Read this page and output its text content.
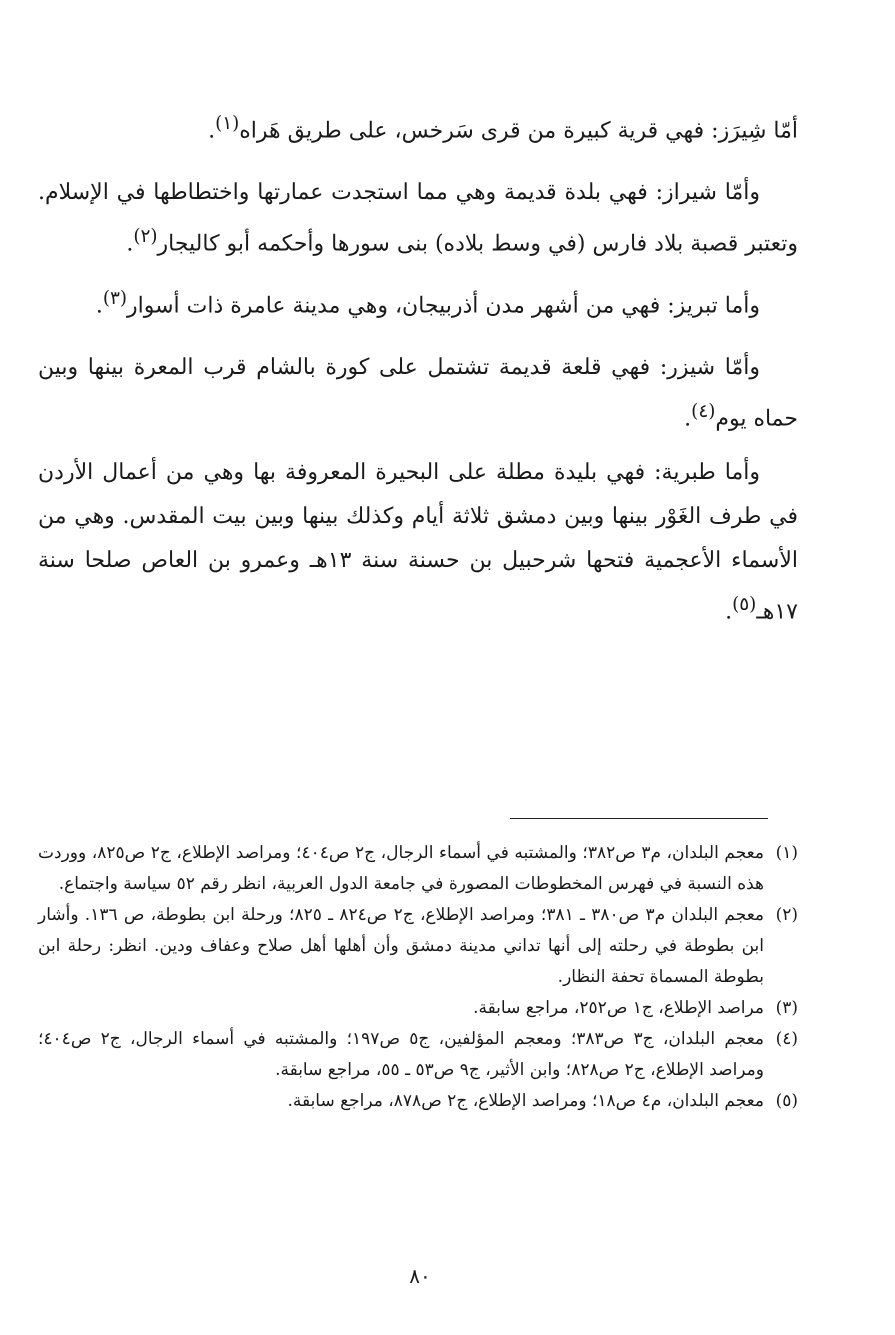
أمّا شِيرَز: فهي قرية كبيرة من قرى سَرخس، على طريق هَراه$^{(١)}$.

وأمّا شيراز: فهي بلدة قديمة وهي مما استجدت عمارتها واختطاطها في الإسلام. وتعتبر قصبة بلاد فارس (في وسط بلاده) بنى سورها وأحكمه أبو كاليجار$^{(٢)}$.

وأما تبريز: فهي من أشهر مدن أذربيجان، وهي مدينة عامرة ذات أسوار$^{(٣)}$.

وأمّا شيزر: فهي قلعة قديمة تشتمل على كورة بالشام قرب المعرة بينها وبين حماه يوم$^{(٤)}$.

وأما طبرية: فهي بليدة مطلة على البحيرة المعروفة بها وهي من أعمال الأردن في طرف الغَوْر بينها وبين دمشق ثلاثة أيام وكذلك بينها وبين بيت المقدس. وهي من الأسماء الأعجمية فتحها شرحبيل بن حسنة سنة ١٣هـ وعمرو بن العاص صلحا سنة ١٧هـ$^{(٥)}$.

(١)
معجم البلدان، م٣ ص٣٨٢؛ والمشتبه في أسماء الرجال، ج٢ ص٤٠٤؛ ومراصد الإطلاع، ج٢ ص٨٢٥، ووردت هذه النسبة في فهرس المخطوطات المصورة في جامعة الدول العربية، انظر رقم ٥٢ سياسة واجتماع.
(٢)
معجم البلدان م٣ ص٣٨٠ ـ ٣٨١؛ ومراصد الإطلاع، ج٢ ص٨٢٤ ـ ٨٢٥؛ ورحلة ابن بطوطة، ص ١٣٦. وأشار ابن بطوطة في رحلته إلى أنها تداني مدينة دمشق وأن أهلها أهل صلاح وعفاف ودين. انظر: رحلة ابن بطوطة المسماة تحفة النظار.
(٣)
مراصد الإطلاع، ج١ ص٢٥٢، مراجع سابقة.
(٤)
معجم البلدان، ج٣ ص٣٨٣؛ ومعجم المؤلفين، ج٥ ص١٩٧؛ والمشتبه في أسماء الرجال، ج٢ ص٤٠٤؛ ومراصد الإطلاع، ج٢ ص٨٢٨؛ وابن الأثير، ج٩ ص٥٣ ـ ٥٥، مراجع سابقة.
(٥)
معجم البلدان، م٤ ص١٨؛ ومراصد الإطلاع، ج٢ ص٨٧٨، مراجع سابقة.
٨٠
